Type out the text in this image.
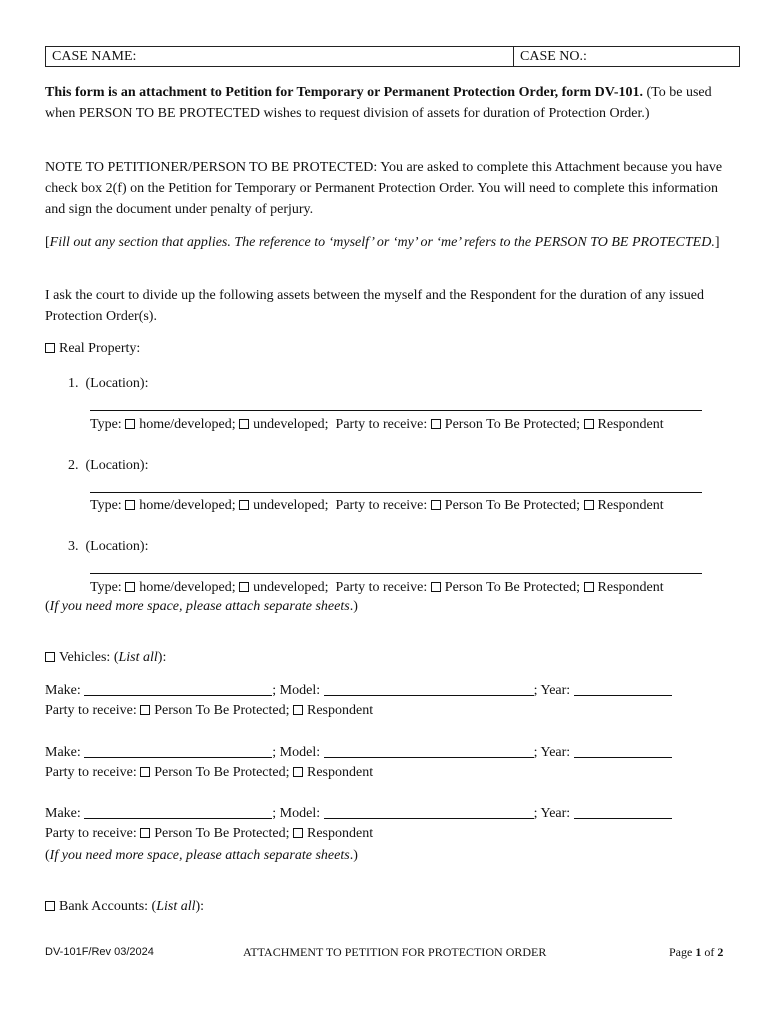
CASE NAME:	CASE NO.:
This form is an attachment to Petition for Temporary or Permanent Protection Order, form DV-101. (To be used when PERSON TO BE PROTECTED wishes to request division of assets for duration of Protection Order.)
NOTE TO PETITIONER/PERSON TO BE PROTECTED: You are asked to complete this Attachment because you have check box 2(f) on the Petition for Temporary or Permanent Protection Order. You will need to complete this information and sign the document under penalty of perjury.
[Fill out any section that applies. The reference to ‘myself’ or ‘my’ or ‘me’ refers to the PERSON TO BE PROTECTED.]
I ask the court to divide up the following assets between the myself and the Respondent for the duration of any issued Protection Order(s).
Real Property:
1. (Location):
Type: home/developed; undeveloped; Party to receive: Person To Be Protected; Respondent
2. (Location):
Type: home/developed; undeveloped; Party to receive: Person To Be Protected; Respondent
3. (Location):
Type: home/developed; undeveloped; Party to receive: Person To Be Protected; Respondent
(If you need more space, please attach separate sheets.)
Vehicles: (List all):
Make:	; Model:	; Year:
Party to receive: Person To Be Protected; Respondent
Make:	; Model:	; Year:
Party to receive: Person To Be Protected; Respondent
Make:	; Model:	; Year:
Party to receive: Person To Be Protected; Respondent
(If you need more space, please attach separate sheets.)
Bank Accounts: (List all):
DV-101F/Rev 03/2024	ATTACHMENT TO PETITION FOR PROTECTION ORDER	Page 1 of 2
